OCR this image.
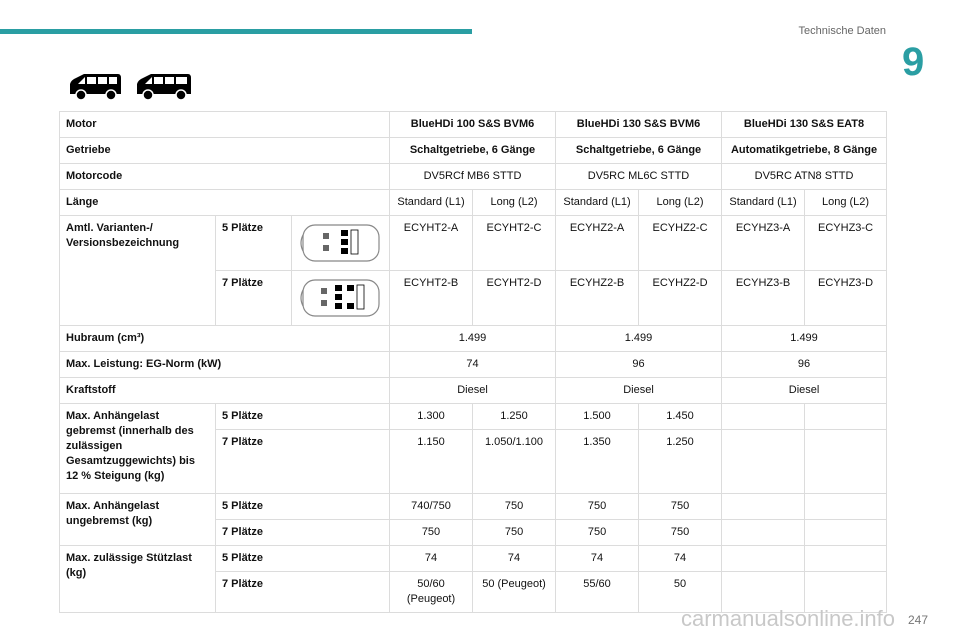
Technische Daten
9
Motor			BlueHDi 100 S&S BVM6		BlueHDi 130 S&S BVM6		BlueHDi 130 S&S EAT8	
Getriebe			Schaltgetriebe, 6 Gänge		Schaltgetriebe, 6 Gänge		Automatikgetriebe, 8 Gänge	
Motorcode			DV5RCf MB6 STTD		DV5RC ML6C STTD		DV5RC ATN8 STTD	
Länge			Standard (L1)	Long (L2)	Standard (L1)	Long (L2)	Standard (L1)	Long (L2)
Amtl. Varianten-/ Versionsbezeichnung	5 Plätze		ECYHT2-A	ECYHT2-C	ECYHZ2-A	ECYHZ2-C	ECYHZ3-A	ECYHZ3-C
	7 Plätze		ECYHT2-B	ECYHT2-D	ECYHZ2-B	ECYHZ2-D	ECYHZ3-B	ECYHZ3-D
Hubraum (cm³)			1.499		1.499		1.499	
Max. Leistung: EG-Norm (kW)			74		96		96	
Kraftstoff			Diesel		Diesel		Diesel	
Max. Anhängelast gebremst (innerhalb des zulässigen Gesamtzuggewichts) bis 12 % Steigung (kg)	5 Plätze		1.300	1.250	1.500	1.450		
	7 Plätze		1.150	1.050/1.100	1.350	1.250		
Max. Anhängelast ungebremst (kg)	5 Plätze		740/750	750	750	750		
	7 Plätze		750	750	750	750		
Max. zulässige Stützlast (kg)	5 Plätze		74	74	74	74		
	7 Plätze		50/60 (Peugeot)	50 (Peugeot)	55/60	50		
carmanualsonline.info 247
